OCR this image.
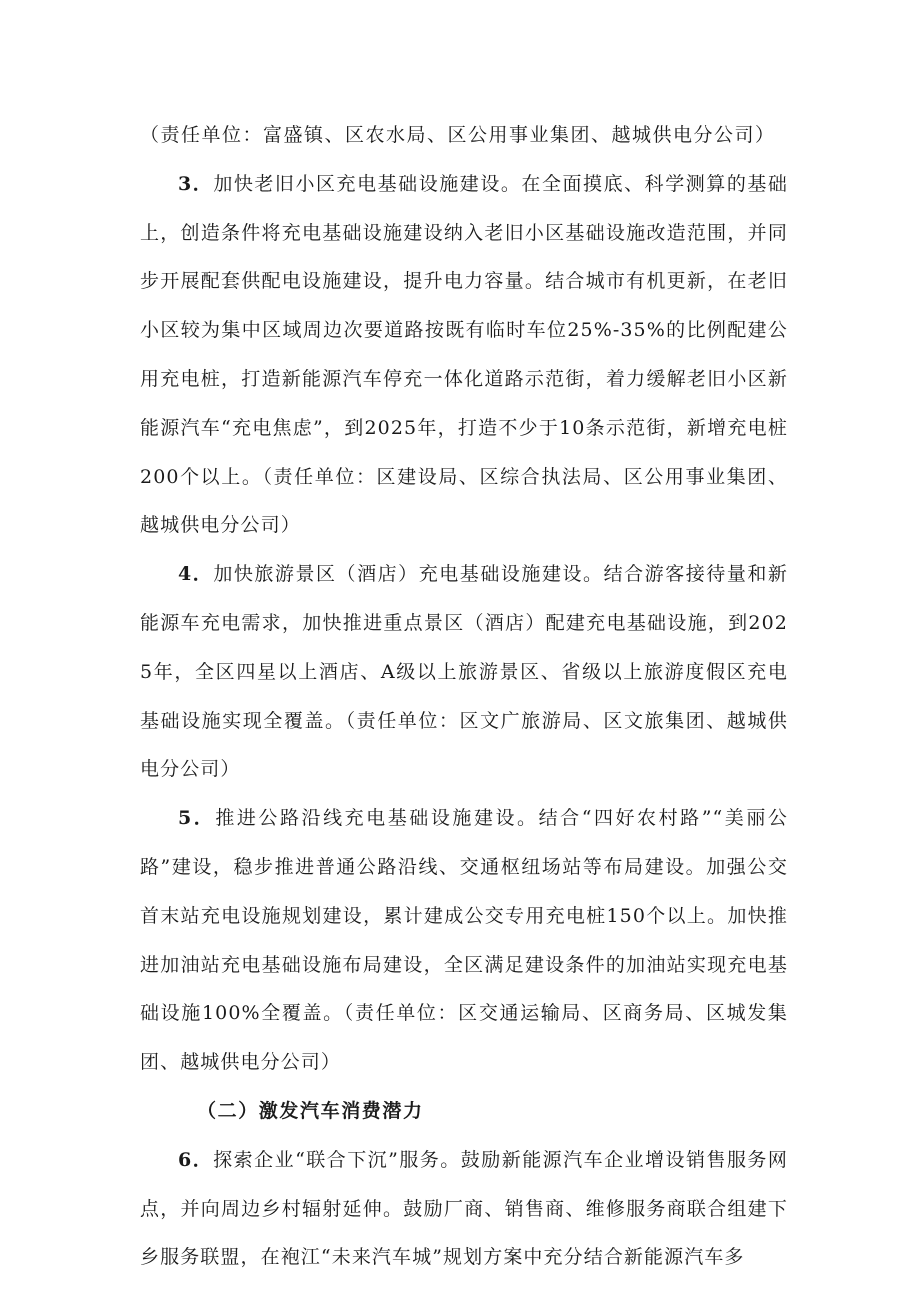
（责任单位：富盛镇、区农水局、区公用事业集团、越城供电分公司）

3．加快老旧小区充电基础设施建设。在全面摸底、科学测算的基础上，创造条件将充电基础设施建设纳入老旧小区基础设施改造范围，并同步开展配套供配电设施建设，提升电力容量。结合城市有机更新，在老旧小区较为集中区域周边次要道路按既有临时车位25%-35%的比例配建公用充电桩，打造新能源汽车停充一体化道路示范街，着力缓解老旧小区新能源汽车“充电焦虑”，到2025年，打造不少于10条示范街，新增充电桩200个以上。（责任单位：区建设局、区综合执法局、区公用事业集团、越城供电分公司）

4．加快旅游景区（酒店）充电基础设施建设。结合游客接待量和新能源车充电需求，加快推进重点景区（酒店）配建充电基础设施，到2025年，全区四星以上酒店、A级以上旅游景区、省级以上旅游度假区充电基础设施实现全覆盖。（责任单位：区文广旅游局、区文旅集团、越城供电分公司）

5．推进公路沿线充电基础设施建设。结合“四好农村路”“美丽公路”建设，稳步推进普通公路沿线、交通枢纽场站等布局建设。加强公交首末站充电设施规划建设，累计建成公交专用充电桩150个以上。加快推进加油站充电基础设施布局建设，全区满足建设条件的加油站实现充电基础设施100%全覆盖。（责任单位：区交通运输局、区商务局、区城发集团、越城供电分公司）

（二）激发汽车消费潜力

6．探索企业“联合下沉”服务。鼓励新能源汽车企业增设销售服务网点，并向周边乡村辐射延伸。鼓励厂商、销售商、维修服务商联合组建下乡服务联盟，在袍江“未来汽车城”规划方案中充分结合新能源汽车多
